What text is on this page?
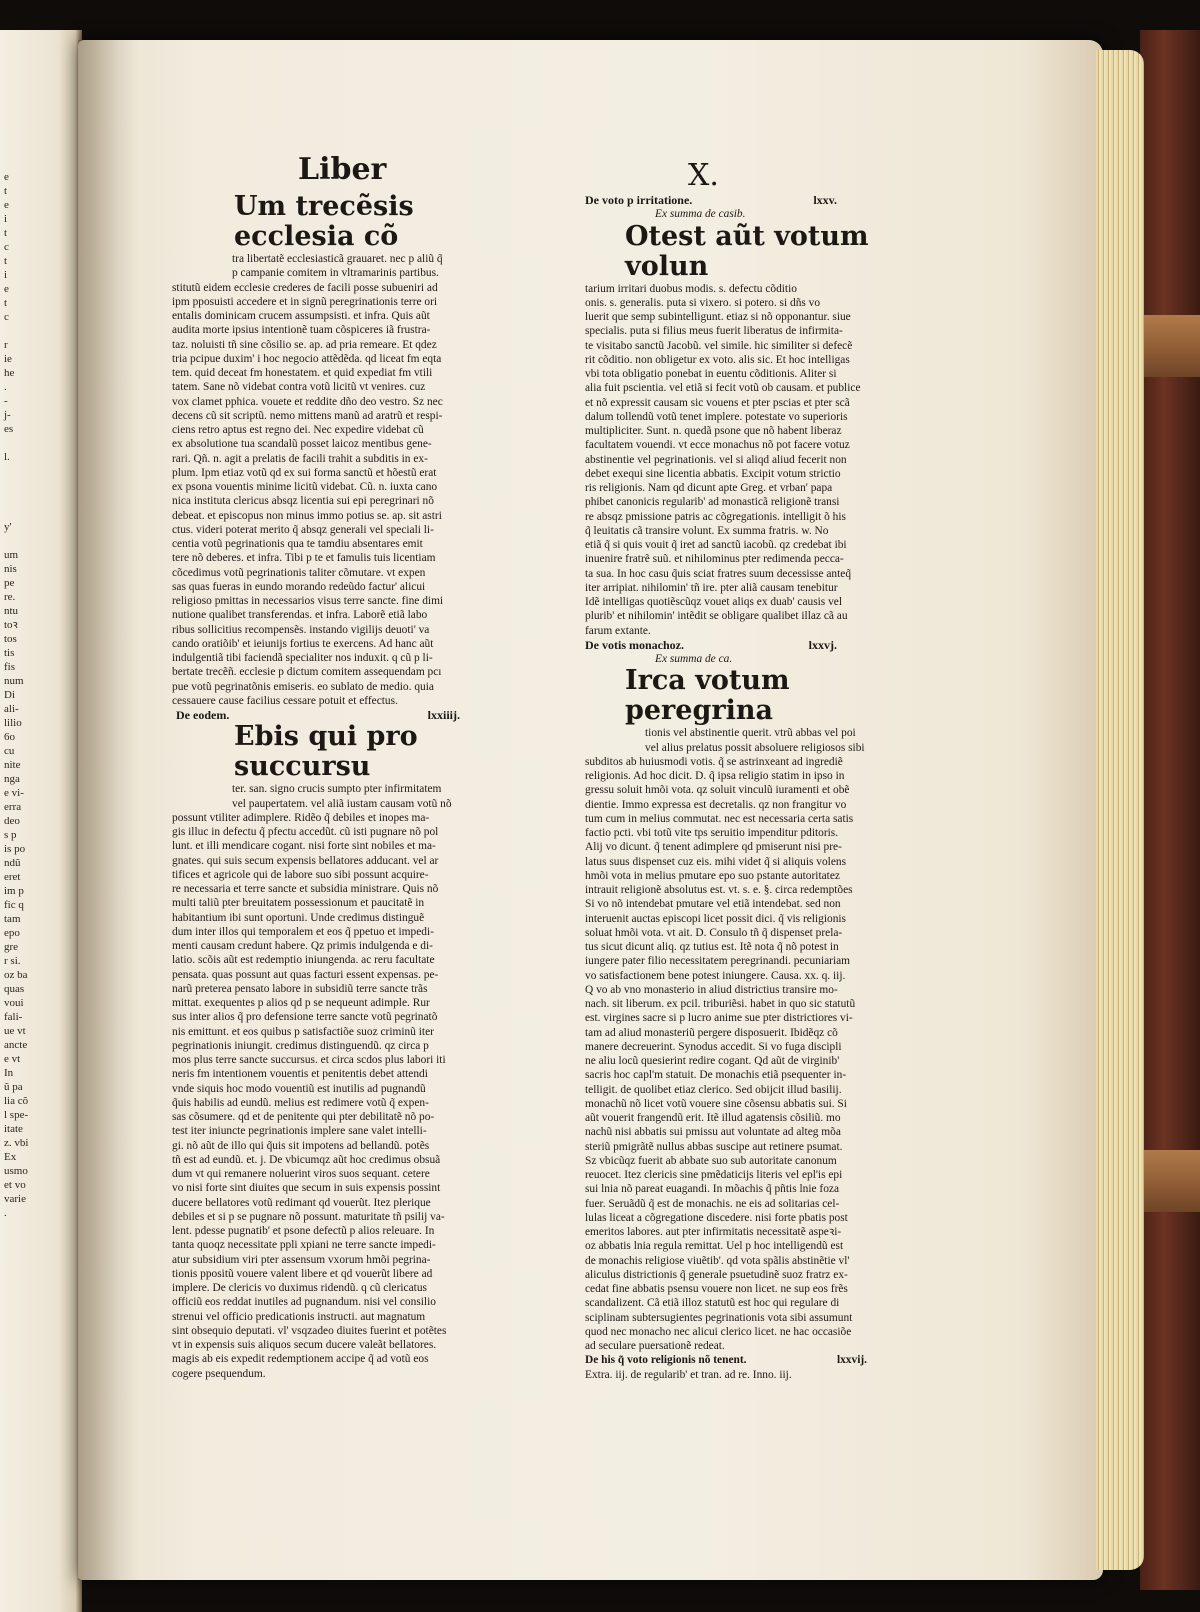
e
t
e
i
t
c
t
i
e
t
c

r
ie
he
.
-
j-
es

l.

y'

um
nis
pe
re.
ntu
toꝛ
tos
tis
fis
num
Di
ali-
lilio
6o
cu
nite
nga
e vi-
erra
deo
s p
is po
ndũ
eret
im p
fic q
tam
epo
gre
r si.
oz ba
quas
voui
fali-
ue vt
ancte
e vt
In
ũ pa
lia cõ
l spe-
itate
z. vbi
Ex
usmo
et vo
varie
.
Liber	X.
Um trecẽsis ecclesia cõ
tra libertatẽ ecclesiasticã grauaret. nec p aliũ q̃
p campanie comitem in vltramarinis partibus.
stitutũ eidem ecclesie crederes de facili posse subueniri ad
ipm pposuisti accedere et in signũ peregrinationis terre ori
entalis dominicam crucem assumpsisti. et infra. Quis aũt
audita morte ipsius intentionẽ tuam cõspiceres iã frustra-
taz. noluisti tñ sine cõsilio se. ap. ad pria remeare. Et qdez
tria pcipue duxim' i hoc negocio attẽdẽda. qd liceat fm eqta
tem. quid deceat fm honestatem. et quid expediat fm vtili
tatem. Sane nõ videbat contra votũ licitũ vt venires. cuz
vox clamet pphica. vouete et reddite dño deo vestro. Sz nec
decens cũ sit scriptũ. nemo mittens manũ ad aratrũ et respi-
ciens retro aptus est regno dei. Nec expedire videbat cũ
ex absolutione tua scandalũ posset laicoz mentibus gene-
rari. Qñ. n. agit a prelatis de facili trahit a subditis in ex-
plum. Ipm etiaz votũ qd ex sui forma sanctũ et hõestũ erat
ex psona vouentis minime licitũ videbat. Cũ. n. iuxta cano
nica instituta clericus absqz licentia sui epi peregrinari nõ
debeat. et episcopus non minus immo potius se. ap. sit astri
ctus. videri poterat merito q̃ absqz generali vel speciali li-
centia votũ pegrinationis qua te tamdiu absentares emit
tere nõ deberes. et infra. Tibi p te et famulis tuis licentiam
cõcedimus votũ pegrinationis taliter cõmutare. vt expen
sas quas fueras in eundo morando redeũdo factur' alicui
religioso pmittas in necessarios visus terre sancte. fine dimi
nutione qualibet transferendas. et infra. Laborẽ etiã labo
ribus sollicitius recompensẽs. instando vigilijs deuoti' va
cando oratiõib' et ieiunijs fortius te exercens. Ad hanc aũt
indulgentiã tibi faciendã specialiter nos induxit. q cũ p li-
bertate trecẽñ. ecclesie p dictum comitem assequendam pcı
pue votũ pegrinatõnis emiseris. eo sublato de medio. quia
cessauere cause facilius cessare potuit et effectus.
De eodem.	lxxiiij.
Ebis qui pro succursu
ter. san. signo crucis sumpto pter infirmitatem
vel paupertatem. vel aliã iustam causam votũ nõ
possunt vtiliter adimplere. Ridẽo q̃ debiles et inopes ma-
gis illuc in defectu q̃ pfectu accedũt. cũ isti pugnare nõ pol
lunt. et illi mendicare cogant. nisi forte sint nobiles et ma-
gnates. qui suis secum expensis bellatores adducant. vel ar
tifices et agricole qui de labore suo sibi possunt acquire-
re necessaria et terre sancte et subsidia ministrare. Quis nõ
multi taliũ pter breuitatem possessionum et paucitatẽ in
habitantium ibi sunt oportuni. Unde credimus distinguẽ
dum inter illos qui temporalem et eos q̃ ppetuo et impedi-
menti causam credunt habere. Qz primis indulgenda e di-
latio. scõis aũt est redemptio iniungenda. ac reru facultate
pensata. quas possunt aut quas facturi essent expensas. pe-
narũ preterea pensato labore in subsidiũ terre sancte trãs
mittat. exequentes p alios qd p se nequeunt adimple. Rur
sus inter alios q̃ pro defensione terre sancte votũ pegrinatõ
nis emittunt. et eos quibus p satisfactiõe suoz criminũ iter
pegrinationis iniungit. credimus distinguendũ. qz circa p
mos plus terre sancte succursus. et circa scdos plus labori iti
neris fm intentionem vouentis et penitentis debet attendi
vnde siquis hoc modo vouentiũ est inutilis ad pugnandũ
q̃uis habilis ad eundũ. melius est redimere votũ q̃ expen-
sas cõsumere. qd et de penitente qui pter debilitatẽ nõ po-
test iter iniuncte pegrinationis implere sane valet intelli-
gi. nõ aũt de illo qui q̃uis sit impotens ad bellandũ. potẽs
tñ est ad eundũ. et. j. De vbicumqz aũt hoc credimus obsuã
dum vt qui remanere noluerint viros suos sequant. cetere
vo nisi forte sint diuites que secum in suis expensis possint
ducere bellatores votũ redimant qd vouerũt. Itez plerique
debiles et si p se pugnare nõ possunt. maturitate tñ psilij va-
lent. pdesse pugnatib' et psone defectũ p alios releuare. In
tanta quoqz necessitate ppli xpiani ne terre sancte impedi-
atur subsidium viri pter assensum vxorum hmõi pegrina-
tionis ppositũ vouere valent libere et qd vouerũt libere ad
implere. De clericis vo duximus ridendũ. q cũ clericatus
officiũ eos reddat inutiles ad pugnandum. nisi vel consilio
strenui vel officio predicationis instructi. aut magnatum
sint obsequio deputati. vl' vsqzadeo diuites fuerint et potẽtes
vt in expensis suis aliquos secum ducere valeãt bellatores.
magis ab eis expedit redemptionem accipe q̃ ad votũ eos
cogere psequendum.
De voto p irritatione.	lxxv.
Ex summa de casib.
Otest aũt votum volun
tarium irritari duobus modis. s. defectu cõditio
onis. s. generalis. puta si vixero. si potero. si dñs vo
luerit que semp subintelligunt. etiaz si nõ opponantur. siue
specialis. puta si filius meus fuerit liberatus de infirmita-
te visitabo sanctũ Jacobũ. vel simile. hic similiter si defecẽ
rit cõditio. non obligetur ex voto. alis sic. Et hoc intelligas
vbi tota obligatio ponebat in euentu cõditionis. Aliter si
alia fuit pscientia. vel etiã si fecit votũ ob causam. et publice
et nõ expressit causam sic vouens et pter pscias et pter scã
dalum tollendũ votũ tenet implere. potestate vo superioris
multipliciter. Sunt. n. quedã psone que nõ habent liberaz
facultatem vouendi. vt ecce monachus nõ pot facere votuz
abstinentie vel pegrinationis. vel si aliqd aliud fecerit non
debet exequi sine licentia abbatis. Excipit votum strictio
ris religionis. Nam qd dicunt apte Greg. et vrban' papa
phibet canonicis regularib' ad monasticã religionẽ transi
re absqz pmissione patris ac cõgregationis. intelligit õ his
q̃ leuitatis cã transire volunt. Ex summa fratris. w. No
etiã q̃ si quis vouit q̃ iret ad sanctũ iacobũ. qz credebat ibi
inuenire fratrẽ suũ. et nihilominus pter redimenda pecca-
ta sua. In hoc casu q̃uis sciat fratres suum decessisse anteq̃
iter arripiat. nihilomin' tñ ire. pter aliã causam tenebitur
Idẽ intelligas quotiẽscũqz vouet aliqs ex duab' causis vel
plurib' et nihilomin' intẽdit se obligare qualibet illaz cã au
farum extante.
De votis monachoz.	lxxvj.
Ex summa de ca.
Irca votum peregrina
tionis vel abstinentie querit. vtrũ abbas vel poi
vel alius prelatus possit absoluere religiosos sibi
subditos ab huiusmodi votis. q̃ se astrinxeant ad ingrediẽ
religionis. Ad hoc dicit. D. q̃ ipsa religio statim in ipso in
gressu soluit hmõi vota. qz soluit vinculũ iuramenti et obẽ
dientie. Immo expressa est decretalis. qz non frangitur vo
tum cum in melius commutat. nec est necessaria certa satis
factio pcti. vbi totũ vite tps seruitio impenditur pditoris.
Alij vo dicunt. q̃ tenent adimplere qd pmiserunt nisi pre-
latus suus dispenset cuz eis. mihi videt q̃ si aliquis volens
hmõi vota in melius pmutare epo suo pstante autoritatez
intrauit religionẽ absolutus est. vt. s. e. §. circa redemptões
Si vo nõ intendebat pmutare vel etiã intendebat. sed non
interuenit auctas episcopi licet possit dici. q̃ vis religionis
soluat hmõi vota. vt ait. D. Consulo tñ q̃ dispenset prela-
tus sicut dicunt aliq. qz tutius est. Itẽ nota q̃ nõ potest in
iungere pater filio necessitatem peregrinandi. pecuniariam
vo satisfactionem bene potest iniungere. Causa. xx. q. iij.
Q vo ab vno monasterio in aliud districtius transire mo-
nach. sit liberum. ex pcil. triburiẽsi. habet in quo sic statutũ
est. virgines sacre si p lucro anime sue pter districtiores vi-
tam ad aliud monasteriũ pergere disposuerit. Ibidẽqz cõ
manere decreuerint. Synodus accedit. Si vo fuga discipli
ne aliu locũ quesierint redire cogant. Qd aũt de virginib'
sacris hoc capl'm statuit. De monachis etiã psequenter in-
telligit. de quolibet etiaz clerico. Sed obijcit illud basilij.
monachũ nõ licet votũ vouere sine cõsensu abbatis sui. Si
aũt vouerit frangendũ erit. Itẽ illud agatensis cõsiliũ. mo
nachũ nisi abbatis sui pmissu aut voluntate ad alteg mõa
steriũ pmigrãtẽ nullus abbas suscipe aut retinere psumat.
Sz vbicũqz fuerit ab abbate suo sub autoritate canonum
reuocet. Itez clericis sine pmẽdaticijs literis vel epl'is epi
sui lnia nõ pareat euagandi. In mõachis q̃ pñtis lnie foza
fuer. Seruãdũ q̃ est de monachis. ne eis ad solitarias cel-
lulas liceat a cõgregatione discedere. nisi forte pbatis post
emeritos labores. aut pter infirmitatis necessitatẽ aspeꝛi-
oz abbatis lnia regula remittat. Uel p hoc intelligendũ est
de monachis religiose viuẽtib'. qd vota spãlis abstinẽtie vl'
aliculus districtionis q̃ generale psuetudinẽ suoz fratrz ex-
cedat fine abbatis psensu vouere non licet. ne sup eos frẽs
scandalizent. Cã etiã illoz statutũ est hoc qui regulare di
sciplinam subtersugientes pegrinationis vota sibi assumunt
quod nec monacho nec alicui clerico licet. ne hac occasiõe
ad seculare puersationẽ redeat.
De his q̃ voto religionis nõ tenent.	lxxvij.
Extra. iij. de regularib' et tran. ad re. Inno. iij.
